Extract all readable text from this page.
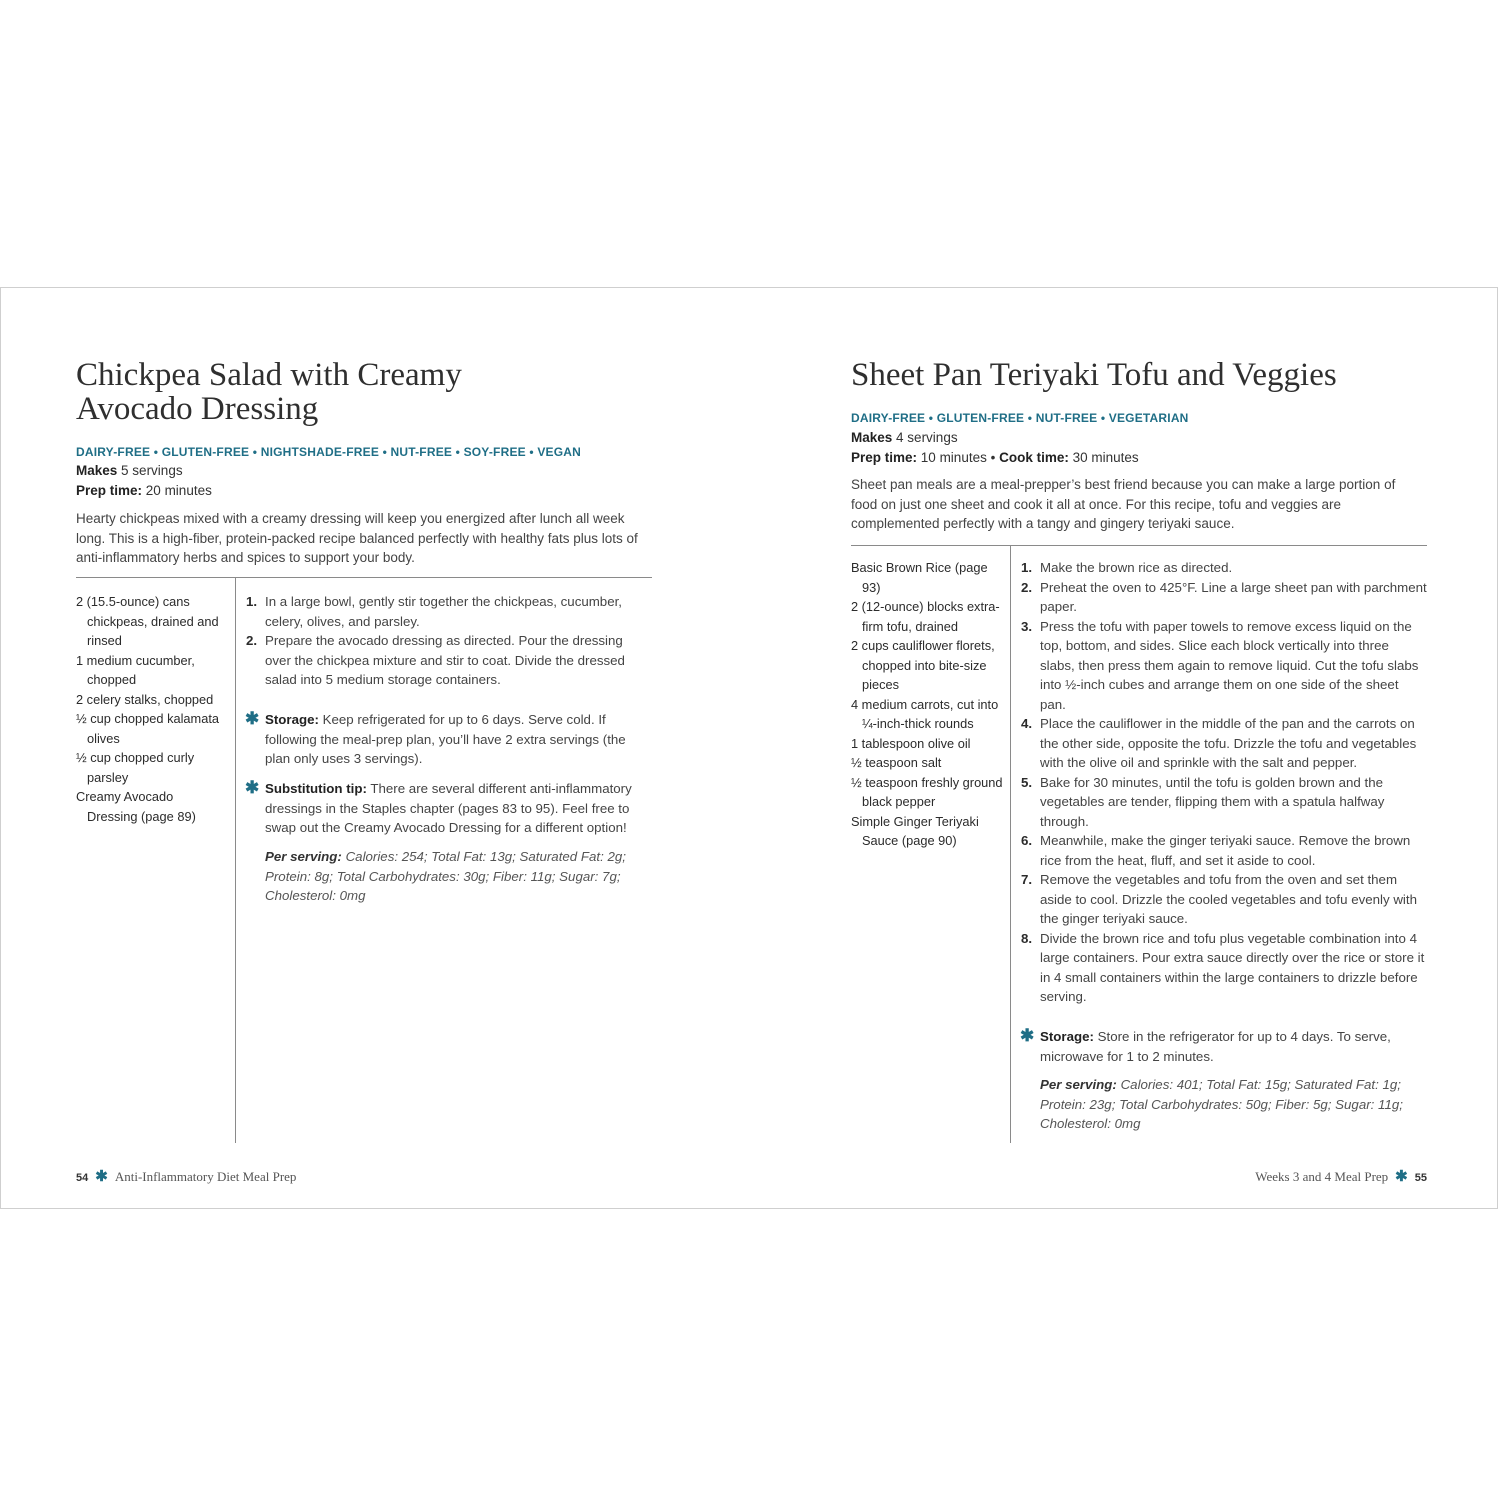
Chickpea Salad with Creamy
Avocado Dressing
DAIRY-FREE • GLUTEN-FREE • NIGHTSHADE-FREE • NUT-FREE • SOY-FREE • VEGAN
Makes 5 servings
Prep time: 20 minutes
Hearty chickpeas mixed with a creamy dressing will keep you energized after lunch all week long. This is a high-fiber, protein-packed recipe balanced perfectly with healthy fats plus lots of anti-inflammatory herbs and spices to support your body.
2 (15.5-ounce) cans chickpeas, drained and rinsed
1 medium cucumber, chopped
2 celery stalks, chopped
½ cup chopped kalamata olives
½ cup chopped curly parsley
Creamy Avocado Dressing (page 89)
1. In a large bowl, gently stir together the chickpeas, cucumber, celery, olives, and parsley.
2. Prepare the avocado dressing as directed. Pour the dressing over the chickpea mixture and stir to coat. Divide the dressed salad into 5 medium storage containers.
✱ Storage: Keep refrigerated for up to 6 days. Serve cold. If following the meal-prep plan, you’ll have 2 extra servings (the plan only uses 3 servings).
✱ Substitution tip: There are several different anti-inflammatory dressings in the Staples chapter (pages 83 to 95). Feel free to swap out the Creamy Avocado Dressing for a different option!
Per serving: Calories: 254; Total Fat: 13g; Saturated Fat: 2g; Protein: 8g; Total Carbohydrates: 30g; Fiber: 11g; Sugar: 7g; Cholesterol: 0mg
54 ✱ Anti-Inflammatory Diet Meal Prep
Sheet Pan Teriyaki Tofu and Veggies
DAIRY-FREE • GLUTEN-FREE • NUT-FREE • VEGETARIAN
Makes 4 servings
Prep time: 10 minutes • Cook time: 30 minutes
Sheet pan meals are a meal-prepper’s best friend because you can make a large portion of food on just one sheet and cook it all at once. For this recipe, tofu and veggies are complemented perfectly with a tangy and gingery teriyaki sauce.
Basic Brown Rice (page 93)
2 (12-ounce) blocks extra-firm tofu, drained
2 cups cauliflower florets, chopped into bite-size pieces
4 medium carrots, cut into ¼-inch-thick rounds
1 tablespoon olive oil
½ teaspoon salt
½ teaspoon freshly ground black pepper
Simple Ginger Teriyaki Sauce (page 90)
1. Make the brown rice as directed.
2. Preheat the oven to 425°F. Line a large sheet pan with parchment paper.
3. Press the tofu with paper towels to remove excess liquid on the top, bottom, and sides. Slice each block vertically into three slabs, then press them again to remove liquid. Cut the tofu slabs into ½-inch cubes and arrange them on one side of the sheet pan.
4. Place the cauliflower in the middle of the pan and the carrots on the other side, opposite the tofu. Drizzle the tofu and vegetables with the olive oil and sprinkle with the salt and pepper.
5. Bake for 30 minutes, until the tofu is golden brown and the vegetables are tender, flipping them with a spatula halfway through.
6. Meanwhile, make the ginger teriyaki sauce. Remove the brown rice from the heat, fluff, and set it aside to cool.
7. Remove the vegetables and tofu from the oven and set them aside to cool. Drizzle the cooled vegetables and tofu evenly with the ginger teriyaki sauce.
8. Divide the brown rice and tofu plus vegetable combination into 4 large containers. Pour extra sauce directly over the rice or store it in 4 small containers within the large containers to drizzle before serving.
✱ Storage: Store in the refrigerator for up to 4 days. To serve, microwave for 1 to 2 minutes.
Per serving: Calories: 401; Total Fat: 15g; Saturated Fat: 1g; Protein: 23g; Total Carbohydrates: 50g; Fiber: 5g; Sugar: 11g; Cholesterol: 0mg
Weeks 3 and 4 Meal Prep ✱ 55
